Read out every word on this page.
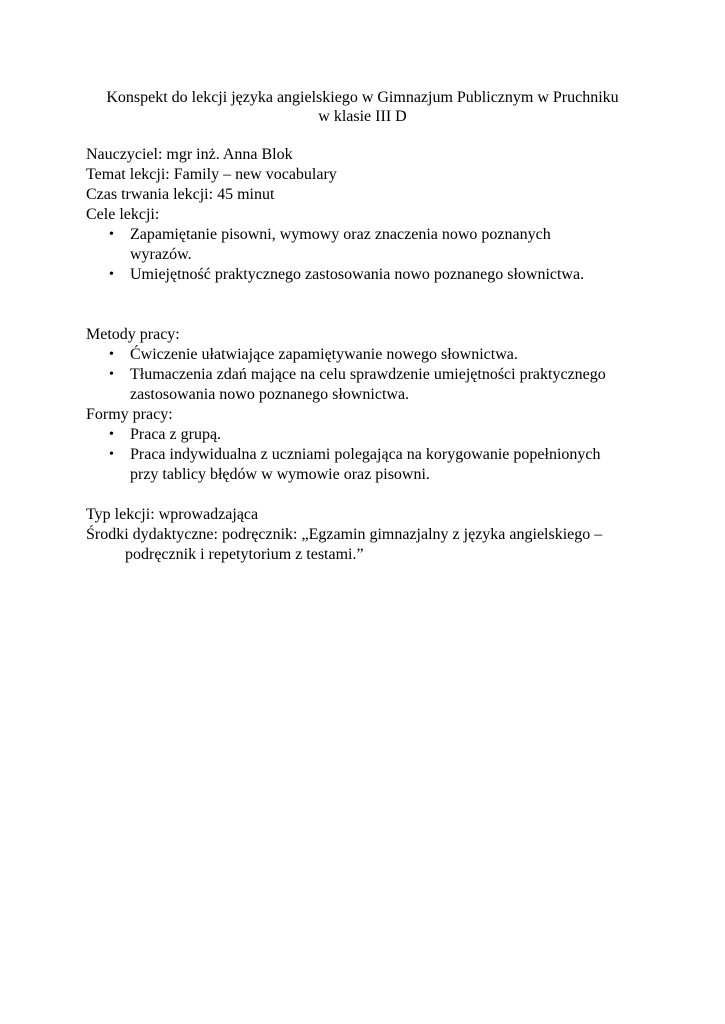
Konspekt do lekcji języka angielskiego w Gimnazjum Publicznym w Pruchniku
w klasie III D
Nauczyciel: mgr inż. Anna Blok
Temat lekcji: Family – new vocabulary
Czas trwania lekcji: 45 minut
Cele lekcji:
• Zapamiętanie pisowni, wymowy oraz znaczenia nowo poznanych
wyrazów.
• Umiejętność praktycznego zastosowania nowo poznanego słownictwa.
Metody pracy:
• Ćwiczenie ułatwiające zapamiętywanie nowego słownictwa.
• Tłumaczenia zdań mające na celu sprawdzenie umiejętności praktycznego
zastosowania nowo poznanego słownictwa.
Formy pracy:
• Praca z grupą.
• Praca indywidualna z uczniami polegająca na korygowanie popełnionych
przy tablicy błędów w wymowie oraz pisowni.
Typ lekcji: wprowadzająca
Środki dydaktyczne: podręcznik: „Egzamin gimnazjalny z języka angielskiego –
podręcznik i repetytorium z testami.”
